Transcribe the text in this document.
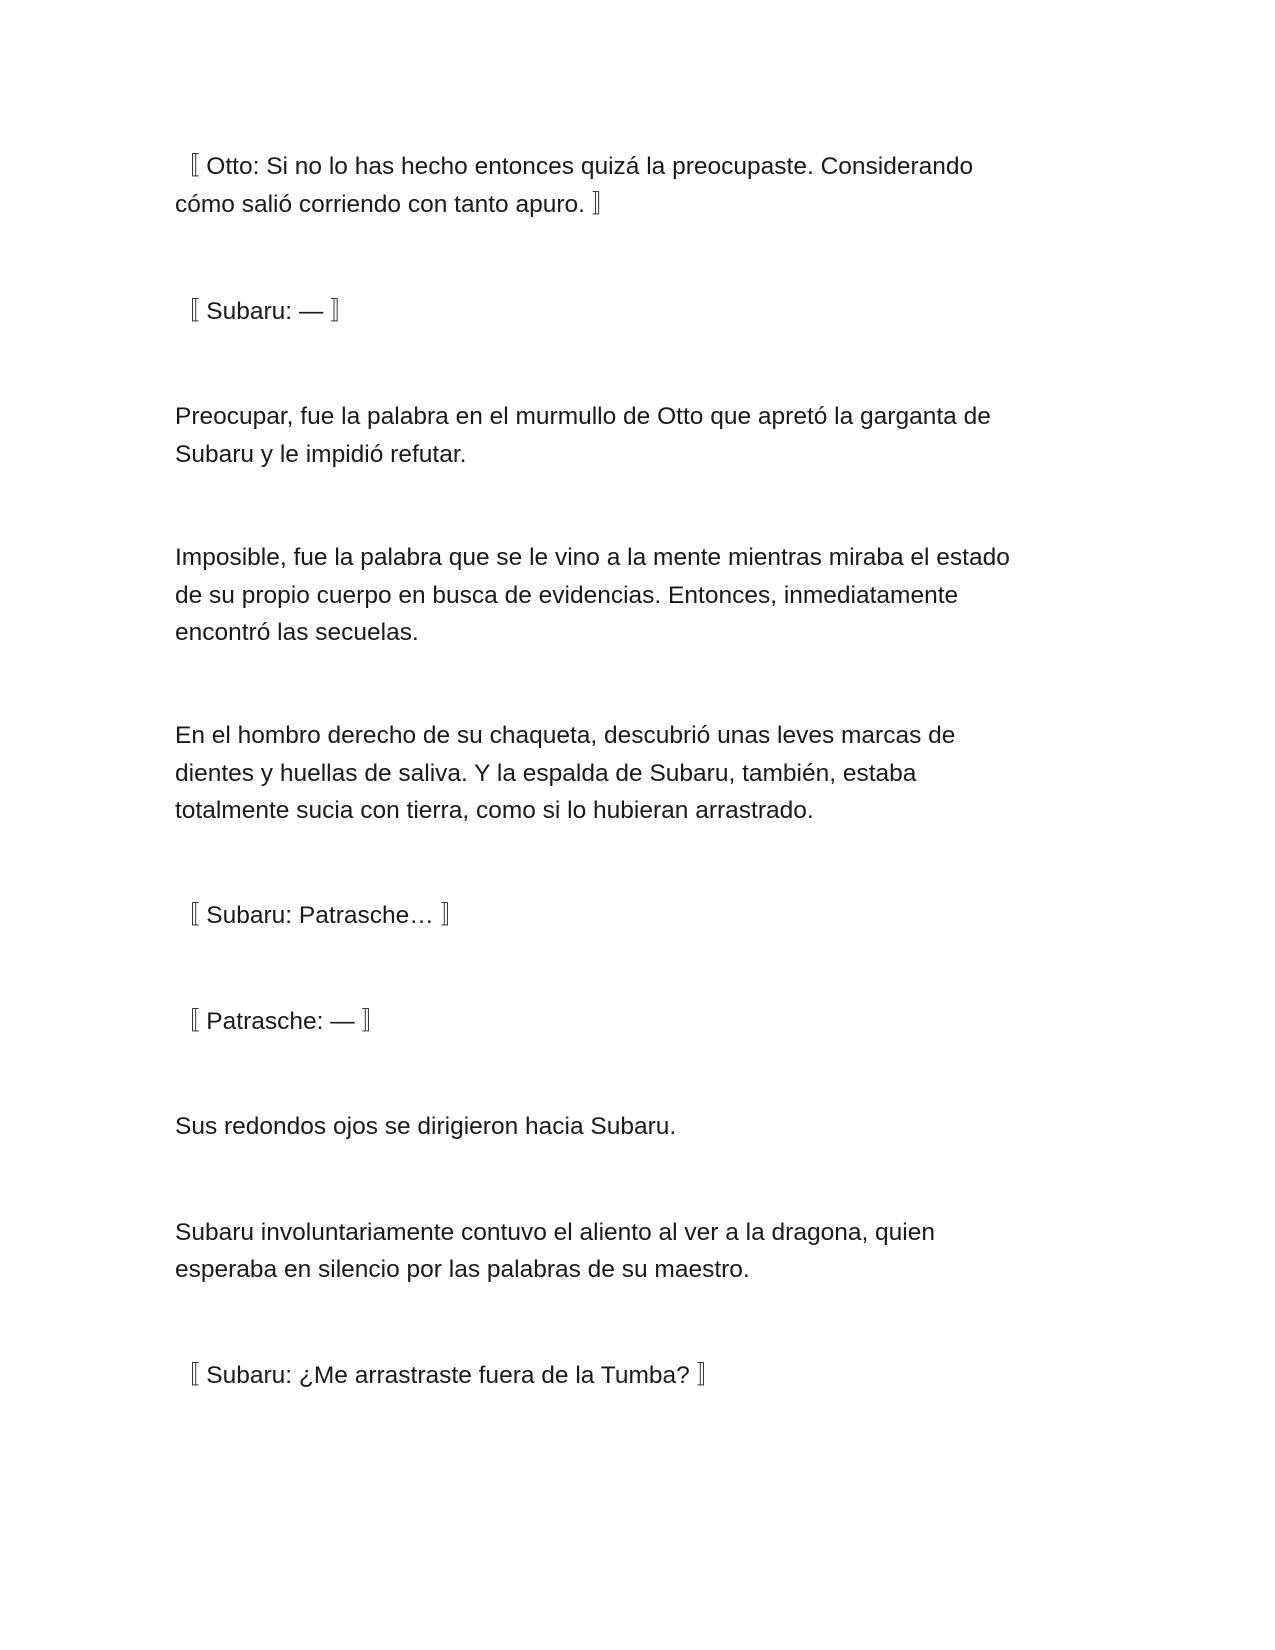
〚 Otto: Si no lo has hecho entonces quizá la preocupaste. Considerando

cómo salió corriendo con tanto apuro. 〛

〚 Subaru: — 〛

Preocupar, fue la palabra en el murmullo de Otto que apretó la garganta de

Subaru y le impidió refutar.

Imposible, fue la palabra que se le vino a la mente mientras miraba el estado

de su propio cuerpo en busca de evidencias. Entonces, inmediatamente

encontró las secuelas.

En el hombro derecho de su chaqueta, descubrió unas leves marcas de

dientes y huellas de saliva. Y la espalda de Subaru, también, estaba

totalmente sucia con tierra, como si lo hubieran arrastrado.

〚 Subaru: Patrasche… 〛

〚 Patrasche: — 〛

Sus redondos ojos se dirigieron hacia Subaru.

Subaru involuntariamente contuvo el aliento al ver a la dragona, quien

esperaba en silencio por las palabras de su maestro.

〚 Subaru: ¿Me arrastraste fuera de la Tumba? 〛
